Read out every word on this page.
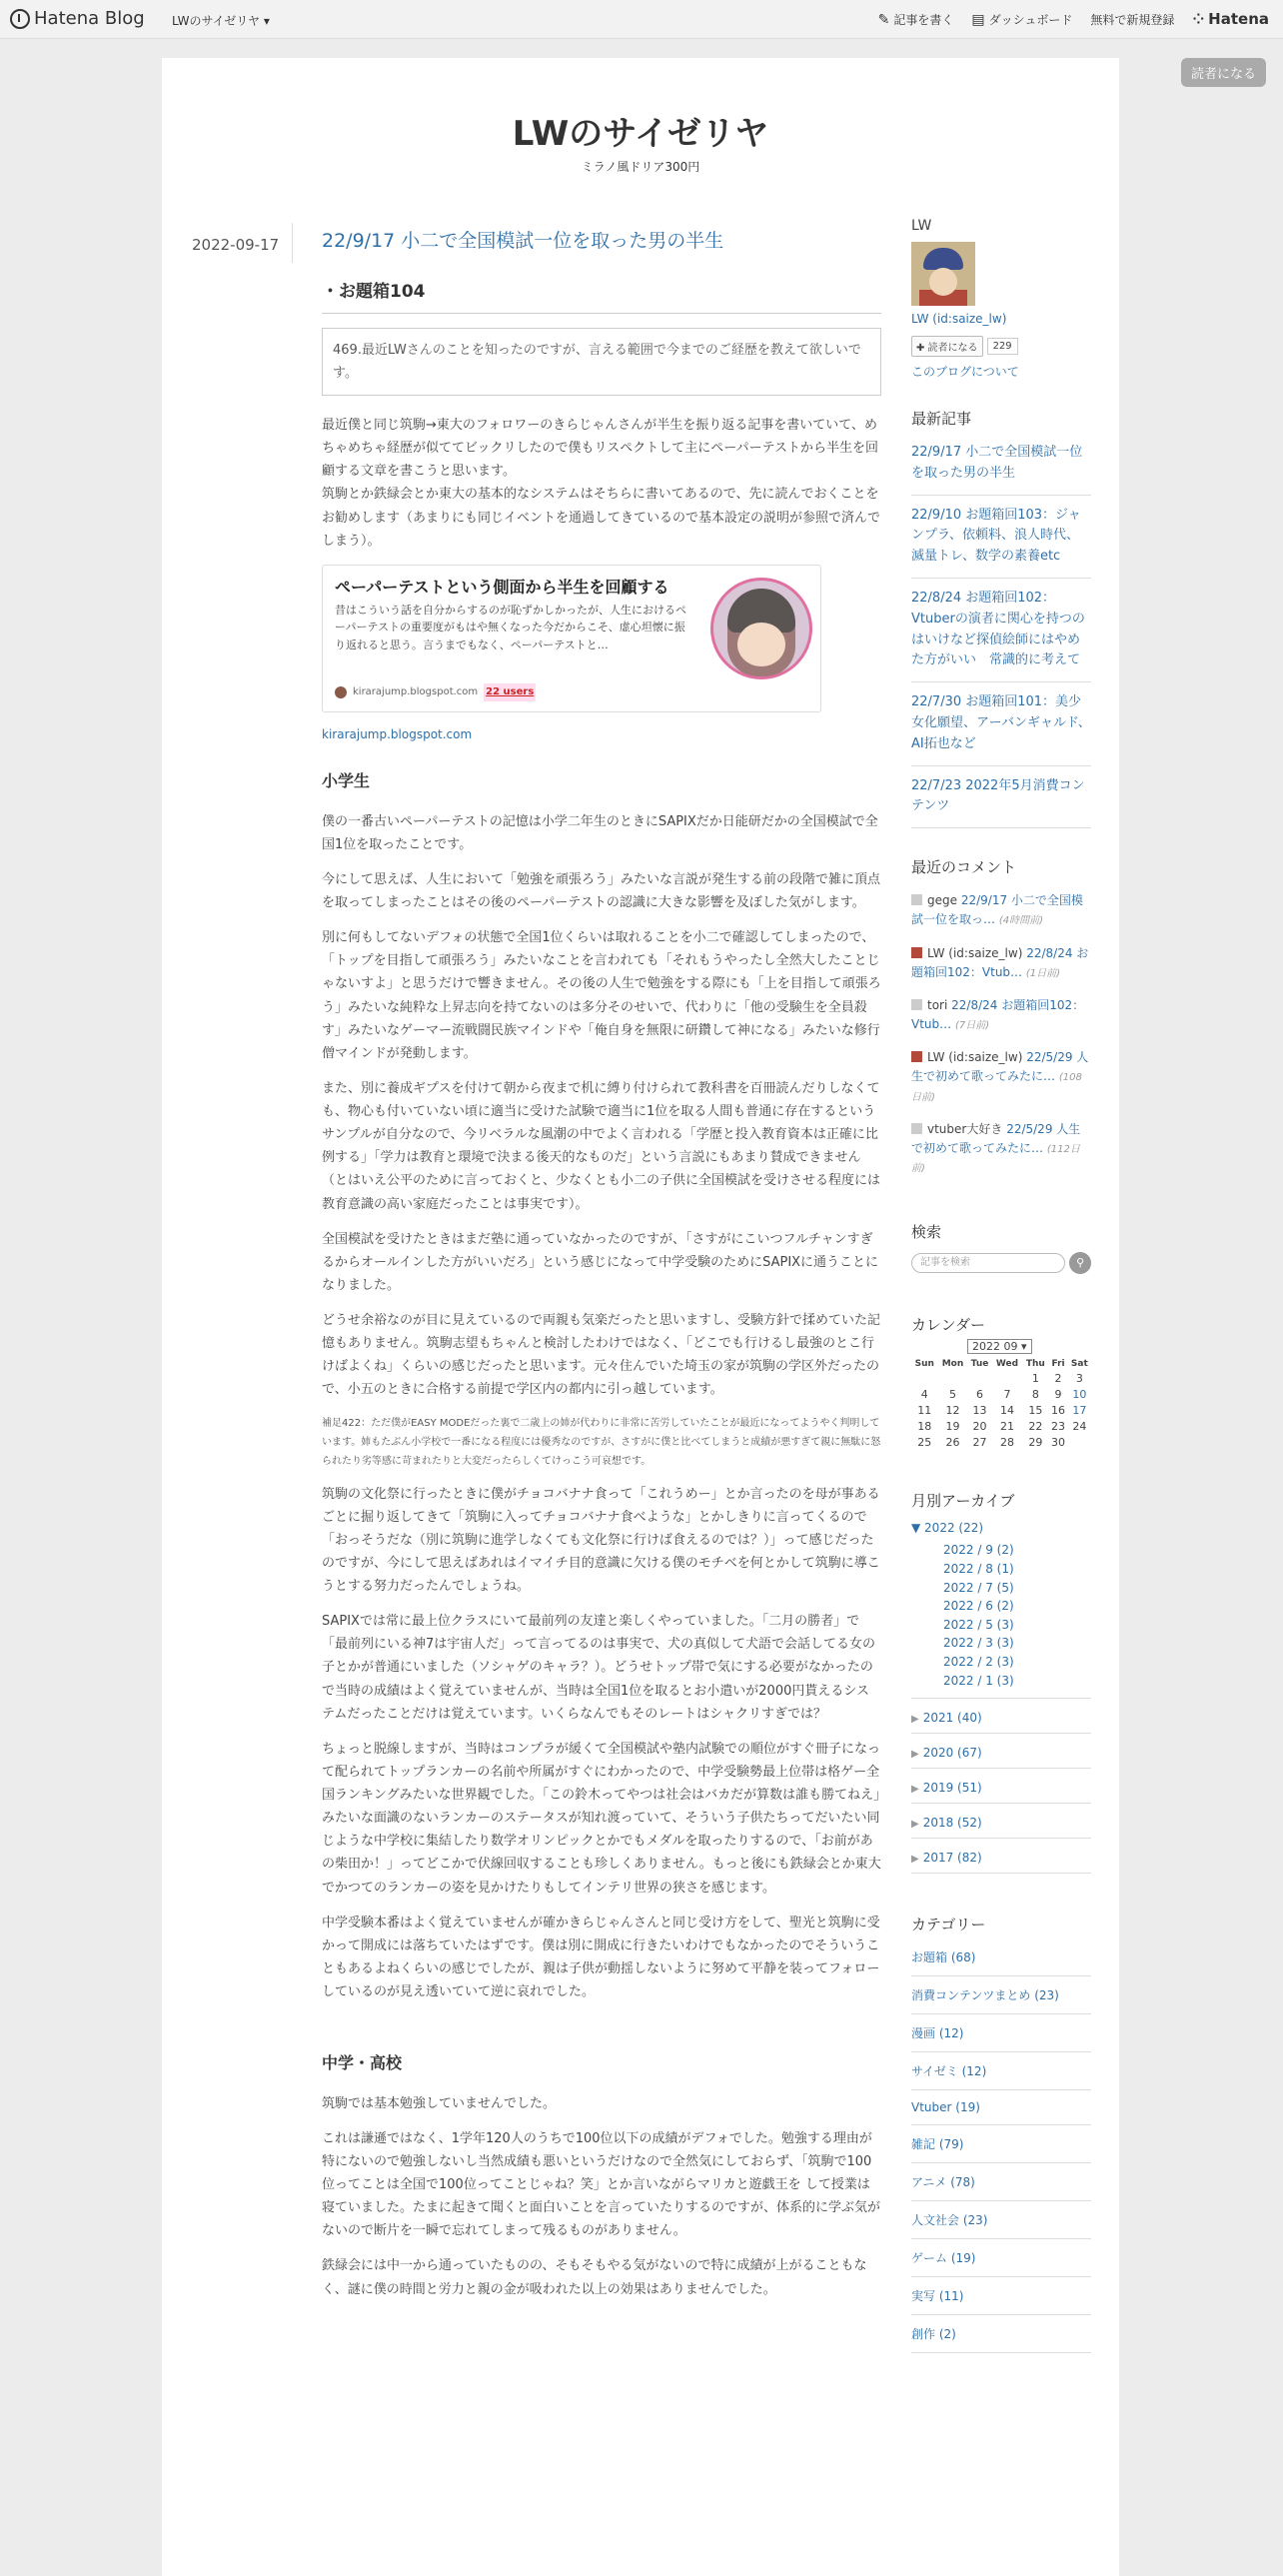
Hatena Blog LWのサイゼリヤ ▾	✎ 記事を書く ▤ ダッシュボード 無料で新規登録 ⁘ Hatena
読者になる
LWのサイゼリヤ
ミラノ風ドリア300円
2022-09-17 22/9/17 小二で全国模試一位を取った男の半生
・お題箱104
469.最近LWさんのことを知ったのですが、言える範囲で今までのご経歴を教えて欲しいです。

最近僕と同じ筑駒→東大のフォロワーのきらじゃんさんが半生を振り返る記事を書いていて、めちゃめちゃ経歴が似ててビックリしたので僕もリスペクトして主にペーパーテストから半生を回顧する文章を書こうと思います。

筑駒とか鉄緑会とか東大の基本的なシステムはそちらに書いてあるので、先に読んでおくことをお勧めします（あまりにも同じイベントを通過してきているので基本設定の説明が参照で済んでしまう）。

ペーパーテストという側面から半生を回顧する
昔はこういう話を自分からするのが恥ずかしかったが、人生におけるペーパーテストの重要度がもはや無くなった今だからこそ、虚心坦懐に振り返れると思う。言うまでもなく、ペーパーテストと…
kirarajump.blogspot.com 22 users
kirarajump.blogspot.com
小学生

僕の一番古いペーパーテストの記憶は小学二年生のときにSAPIXだか日能研だかの全国模試で全国1位を取ったことです。

今にして思えば、人生において「勉強を頑張ろう」みたいな言説が発生する前の段階で雑に頂点を取ってしまったことはその後のペーパーテストの認識に大きな影響を及ぼした気がします。

別に何もしてないデフォの状態で全国1位くらいは取れることを小二で確認してしまったので、「トップを目指して頑張ろう」みたいなことを言われても「それもうやったし全然大したことじゃないすよ」と思うだけで響きません。その後の人生で勉強をする際にも「上を目指して頑張ろう」みたいな純粋な上昇志向を持てないのは多分そのせいで、代わりに「他の受験生を全員殺す」みたいなゲーマー流戦闘民族マインドや「俺自身を無限に研鑽して神になる」みたいな修行僧マインドが発動します。

また、別に養成ギプスを付けて朝から夜まで机に縛り付けられて教科書を百冊読んだりしなくても、物心も付いていない頃に適当に受けた試験で適当に1位を取る人間も普通に存在するというサンプルが自分なので、今リベラルな風潮の中でよく言われる「学歴と投入教育資本は正確に比例する」「学力は教育と環境で決まる後天的なものだ」という言説にもあまり賛成できません（とはいえ公平のために言っておくと、少なくとも小二の子供に全国模試を受けさせる程度には教育意識の高い家庭だったことは事実です）。

全国模試を受けたときはまだ塾に通っていなかったのですが、「さすがにこいつフルチャンすぎるからオールインした方がいいだろ」という感じになって中学受験のためにSAPIXに通うことになりました。

どうせ余裕なのが目に見えているので両親も気楽だったと思いますし、受験方針で揉めていた記憶もありません。筑駒志望もちゃんと検討したわけではなく、「どこでも行けるし最強のとこ行けばよくね」くらいの感じだったと思います。元々住んでいた埼玉の家が筑駒の学区外だったので、小五のときに合格する前提で学区内の都内に引っ越しています。

補足422：ただ僕がEASY MODEだった裏で二歳上の姉が代わりに非常に苦労していたことが最近になってようやく判明しています。姉もたぶん小学校で一番になる程度には優秀なのですが、さすがに僕と比べてしまうと成績が悪すぎて親に無駄に怒られたり劣等感に苛まれたりと大変だったらしくてけっこう可哀想です。

筑駒の文化祭に行ったときに僕がチョコバナナ食って「これうめー」とか言ったのを母が事あるごとに掘り返してきて「筑駒に入ってチョコバナナ食べような」とかしきりに言ってくるので「おっそうだな（別に筑駒に進学しなくても文化祭に行けば食えるのでは？）」って感じだったのですが、今にして思えばあれはイマイチ目的意識に欠ける僕のモチベを何とかして筑駒に導こうとする努力だったんでしょうね。

SAPIXでは常に最上位クラスにいて最前列の友達と楽しくやっていました。「二月の勝者」で「最前列にいる神7は宇宙人だ」って言ってるのは事実で、犬の真似して犬語で会話してる女の子とかが普通にいました（ソシャゲのキャラ？）。どうせトップ帯で気にする必要がなかったので当時の成績はよく覚えていませんが、当時は全国1位を取るとお小遣いが2000円貰えるシステムだったことだけは覚えています。いくらなんでもそのレートはシャクリすぎでは？

ちょっと脱線しますが、当時はコンプラが緩くて全国模試や塾内試験での順位がすぐ冊子になって配られてトップランカーの名前や所属がすぐにわかったので、中学受験勢最上位帯は格ゲー全国ランキングみたいな世界観でした。「この鈴木ってやつは社会はバカだが算数は誰も勝てねえ」みたいな面識のないランカーのステータスが知れ渡っていて、そういう子供たちってだいたい同じような中学校に集結したり数学オリンピックとかでもメダルを取ったりするので、「お前があの柴田か！」ってどこかで伏線回収することも珍しくありません。もっと後にも鉄緑会とか東大でかつてのランカーの姿を見かけたりもしてインテリ世界の狭さを感じます。

中学受験本番はよく覚えていませんが確かきらじゃんさんと同じ受け方をして、聖光と筑駒に受かって開成には落ちていたはずです。僕は別に開成に行きたいわけでもなかったのでそういうこともあるよねくらいの感じでしたが、親は子供が動揺しないように努めて平静を装ってフォローしているのが見え透いていて逆に哀れでした。

中学・高校

筑駒では基本勉強していませんでした。

これは謙遜ではなく、1学年120人のうちで100位以下の成績がデフォでした。勉強する理由が特にないので勉強しないし当然成績も悪いというだけなので全然気にしておらず、「筑駒で100位ってことは全国で100位ってことじゃね？笑」とか言いながらマリカと遊戯王を して授業は寝ていました。たまに起きて聞くと面白いことを言っていたりするのですが、体系的に学ぶ気がないので断片を一瞬で忘れてしまって残るものがありません。

鉄緑会には中一から通っていたものの、そもそもやる気がないので特に成績が上がることもなく、謎に僕の時間と労力と親の金が吸われた以上の効果はありませんでした。

LW
LW (id:saize_lw)
✚ 読者になる	229
このブログについて
最新記事
22/9/17 小二で全国模試一位を取った男の半生
22/9/10 お題箱回103：ジャンプラ、依頼料、浪人時代、滅量トレ、数学の素養etc
22/8/24 お題箱回102：Vtuberの演者に関心を持つのはいけなど探偵絵師にはやめた方がいい　常識的に考えて
22/7/30 お題箱回101：美少女化願望、アーバンギャルド、AI拓也など
22/7/23 2022年5月消費コンテンツ
最近のコメント
gege 22/9/17 小二で全国模試一位を取っ… (4時間前)
LW (id:saize_lw) 22/8/24 お題箱回102：Vtub… (1日前)
tori 22/8/24 お題箱回102：Vtub… (7日前)
LW (id:saize_lw) 22/5/29 人生で初めて歌ってみたに… (108日前)
vtuber大好き 22/5/29 人生で初めて歌ってみたに… (112日前)
検索
記事を検索	⚲
カレンダー
2022 09 ▾
Sun	Mon	Tue	Wed	Thu	Fri	Sat
				1	2	3
4	5	6	7	8	9	10
11	12	13	14	15	16	17
18	19	20	21	22	23	24
25	26	27	28	29	30	
月別アーカイブ
▼ 2022 (22)
2022 / 9 (2)
2022 / 8 (1)
2022 / 7 (5)
2022 / 6 (2)
2022 / 5 (3)
2022 / 3 (3)
2022 / 2 (3)
2022 / 1 (3)
▶ 2021 (40)
▶ 2020 (67)
▶ 2019 (51)
▶ 2018 (52)
▶ 2017 (82)
カテゴリー
お題箱 (68)
消費コンテンツまとめ (23)
漫画 (12)
サイゼミ (12)
Vtuber (19)
雑記 (79)
アニメ (78)
人文社会 (23)
ゲーム (19)
実写 (11)
創作 (2)
